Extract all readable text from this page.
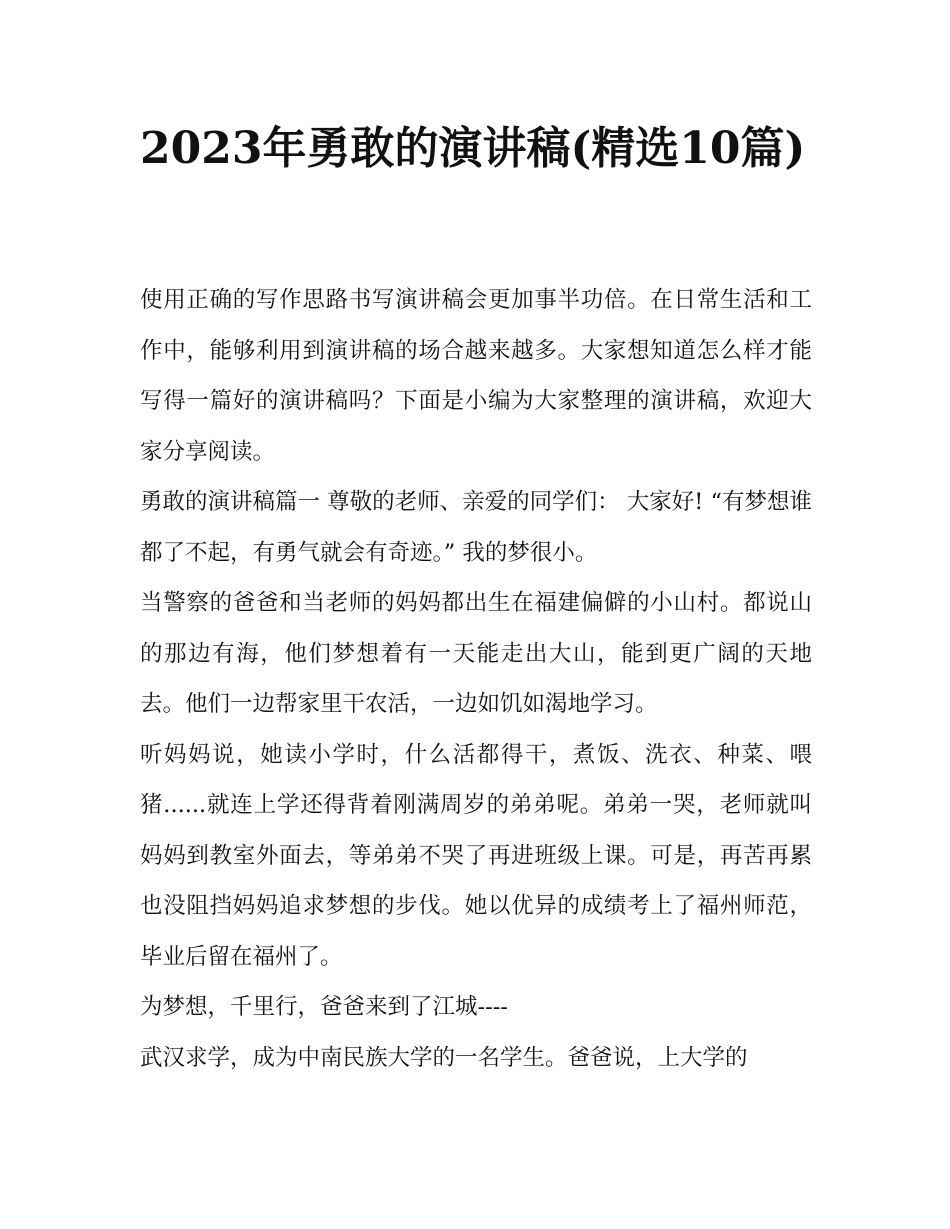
2023年勇敢的演讲稿(精选10篇)

使用正确的写作思路书写演讲稿会更加事半功倍。在日常生活和工作中，能够利用到演讲稿的场合越来越多。大家想知道怎么样才能写得一篇好的演讲稿吗？下面是小编为大家整理的演讲稿，欢迎大家分享阅读。

勇敢的演讲稿篇一 尊敬的老师、亲爱的同学们： 大家好! “有梦想谁都了不起，有勇气就会有奇迹。” 我的梦很小。

当警察的爸爸和当老师的妈妈都出生在福建偏僻的小山村。都说山的那边有海，他们梦想着有一天能走出大山，能到更广阔的天地去。他们一边帮家里干农活，一边如饥如渴地学习。

听妈妈说，她读小学时，什么活都得干，煮饭、洗衣、种菜、喂猪......就连上学还得背着刚满周岁的弟弟呢。弟弟一哭，老师就叫妈妈到教室外面去，等弟弟不哭了再进班级上课。可是，再苦再累也没阻挡妈妈追求梦想的步伐。她以优异的成绩考上了福州师范，毕业后留在福州了。

为梦想，千里行，爸爸来到了江城----

武汉求学，成为中南民族大学的一名学生。爸爸说，上大学的
